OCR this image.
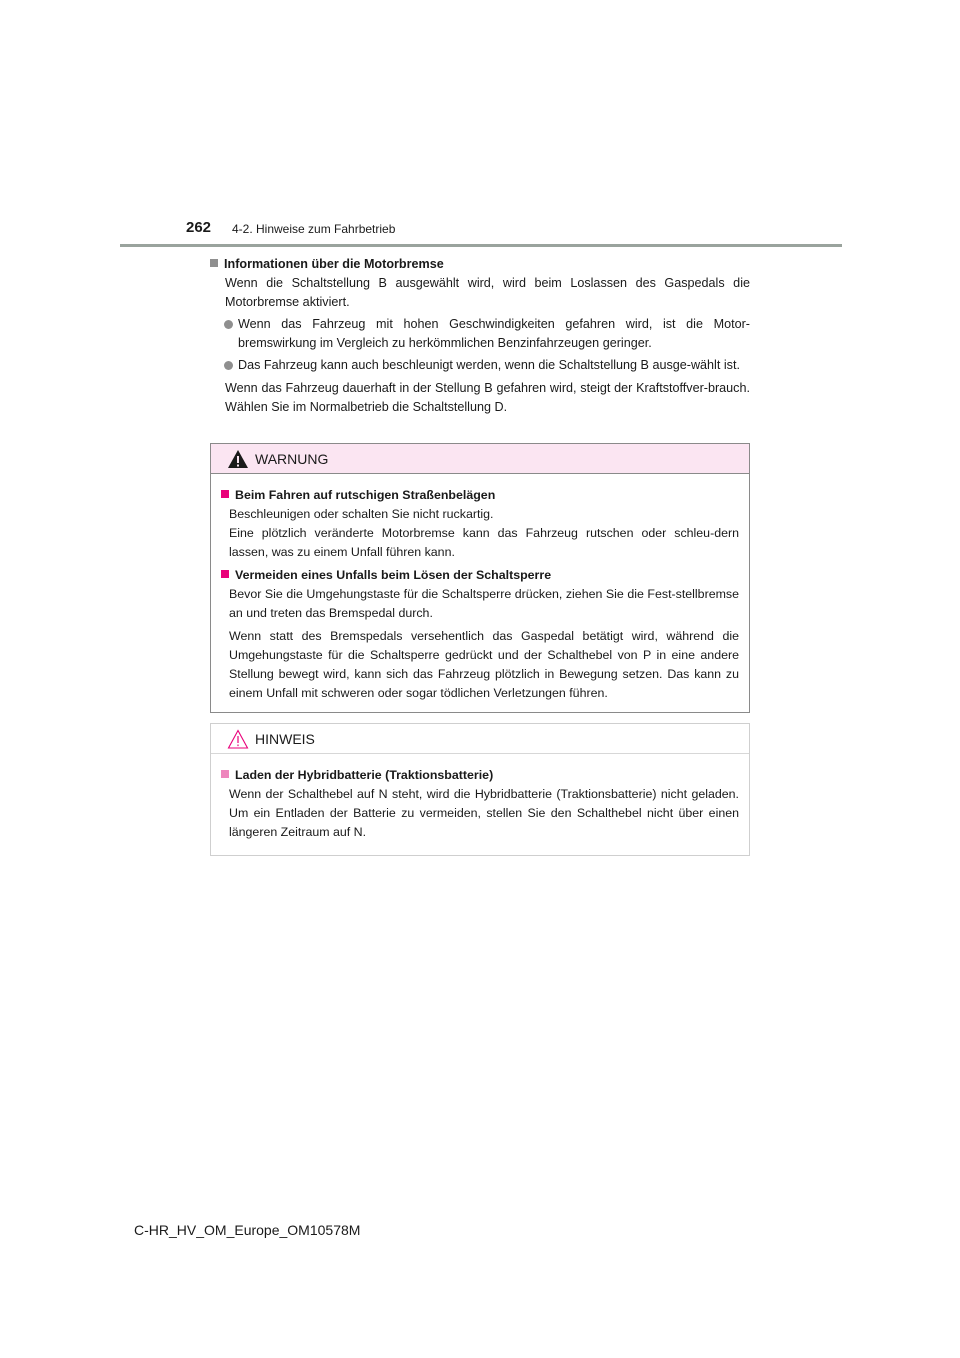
262 4-2. Hinweise zum Fahrbetrieb

Informationen über die Motorbremse

Wenn die Schaltstellung B ausgewählt wird, wird beim Loslassen des Gaspedals die Motorbremse aktiviert.

Wenn das Fahrzeug mit hohen Geschwindigkeiten gefahren wird, ist die Motor-bremswirkung im Vergleich zu herkömmlichen Benzinfahrzeugen geringer.
Das Fahrzeug kann auch beschleunigt werden, wenn die Schaltstellung B ausge-wählt ist.

Wenn das Fahrzeug dauerhaft in der Stellung B gefahren wird, steigt der Kraftstoffver-brauch. Wählen Sie im Normalbetrieb die Schaltstellung D.

WARNUNG

Beim Fahren auf rutschigen Straßenbelägen

Beschleunigen oder schalten Sie nicht ruckartig.

Eine plötzlich veränderte Motorbremse kann das Fahrzeug rutschen oder schleu-dern lassen, was zu einem Unfall führen kann.

Vermeiden eines Unfalls beim Lösen der Schaltsperre

Bevor Sie die Umgehungstaste für die Schaltsperre drücken, ziehen Sie die Fest-stellbremse an und treten das Bremspedal durch.

Wenn statt des Bremspedals versehentlich das Gaspedal betätigt wird, während die Umgehungstaste für die Schaltsperre gedrückt und der Schalthebel von P in eine andere Stellung bewegt wird, kann sich das Fahrzeug plötzlich in Bewegung setzen. Das kann zu einem Unfall mit schweren oder sogar tödlichen Verletzungen führen.

HINWEIS

Laden der Hybridbatterie (Traktionsbatterie)

Wenn der Schalthebel auf N steht, wird die Hybridbatterie (Traktionsbatterie) nicht geladen. Um ein Entladen der Batterie zu vermeiden, stellen Sie den Schalthebel nicht über einen längeren Zeitraum auf N.

C-HR_HV_OM_Europe_OM10578M
